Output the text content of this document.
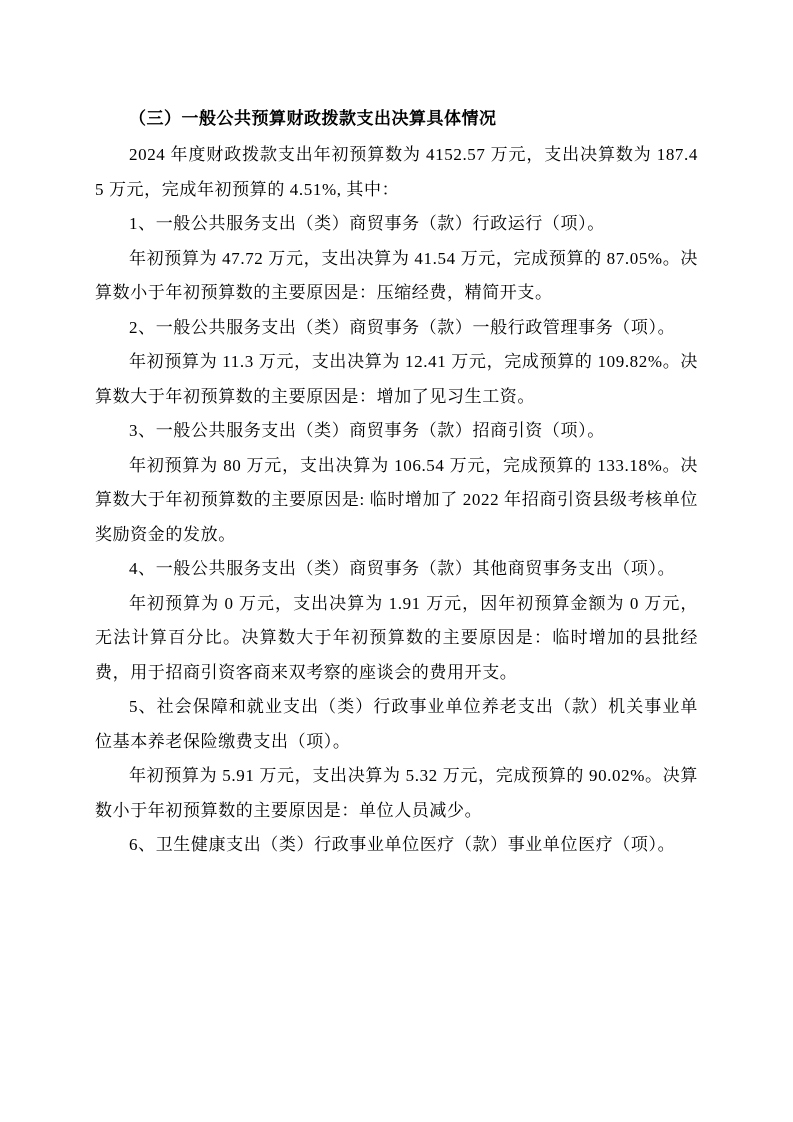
（三）一般公共预算财政拨款支出决算具体情况

2024 年度财政拨款支出年初预算数为 4152.57 万元，支出决算数为 187.45 万元，完成年初预算的 4.51%, 其中：

1、一般公共服务支出（类）商贸事务（款）行政运行（项）。

年初预算为 47.72 万元，支出决算为 41.54 万元，完成预算的 87.05%。决算数小于年初预算数的主要原因是：压缩经费，精简开支。

2、一般公共服务支出（类）商贸事务（款）一般行政管理事务（项）。

年初预算为 11.3 万元，支出决算为 12.41 万元，完成预算的 109.82%。决算数大于年初预算数的主要原因是：增加了见习生工资。

3、一般公共服务支出（类）商贸事务（款）招商引资（项）。

年初预算为 80 万元，支出决算为 106.54 万元，完成预算的 133.18%。决算数大于年初预算数的主要原因是: 临时增加了 2022 年招商引资县级考核单位奖励资金的发放。

4、一般公共服务支出（类）商贸事务（款）其他商贸事务支出（项）。

年初预算为 0 万元，支出决算为 1.91 万元，因年初预算金额为 0 万元，无法计算百分比。决算数大于年初预算数的主要原因是：临时增加的县批经费，用于招商引资客商来双考察的座谈会的费用开支。

5、社会保障和就业支出（类）行政事业单位养老支出（款）机关事业单位基本养老保险缴费支出（项）。

年初预算为 5.91 万元，支出决算为 5.32 万元，完成预算的 90.02%。决算数小于年初预算数的主要原因是：单位人员减少。

6、卫生健康支出（类）行政事业单位医疗（款）事业单位医疗（项）。
